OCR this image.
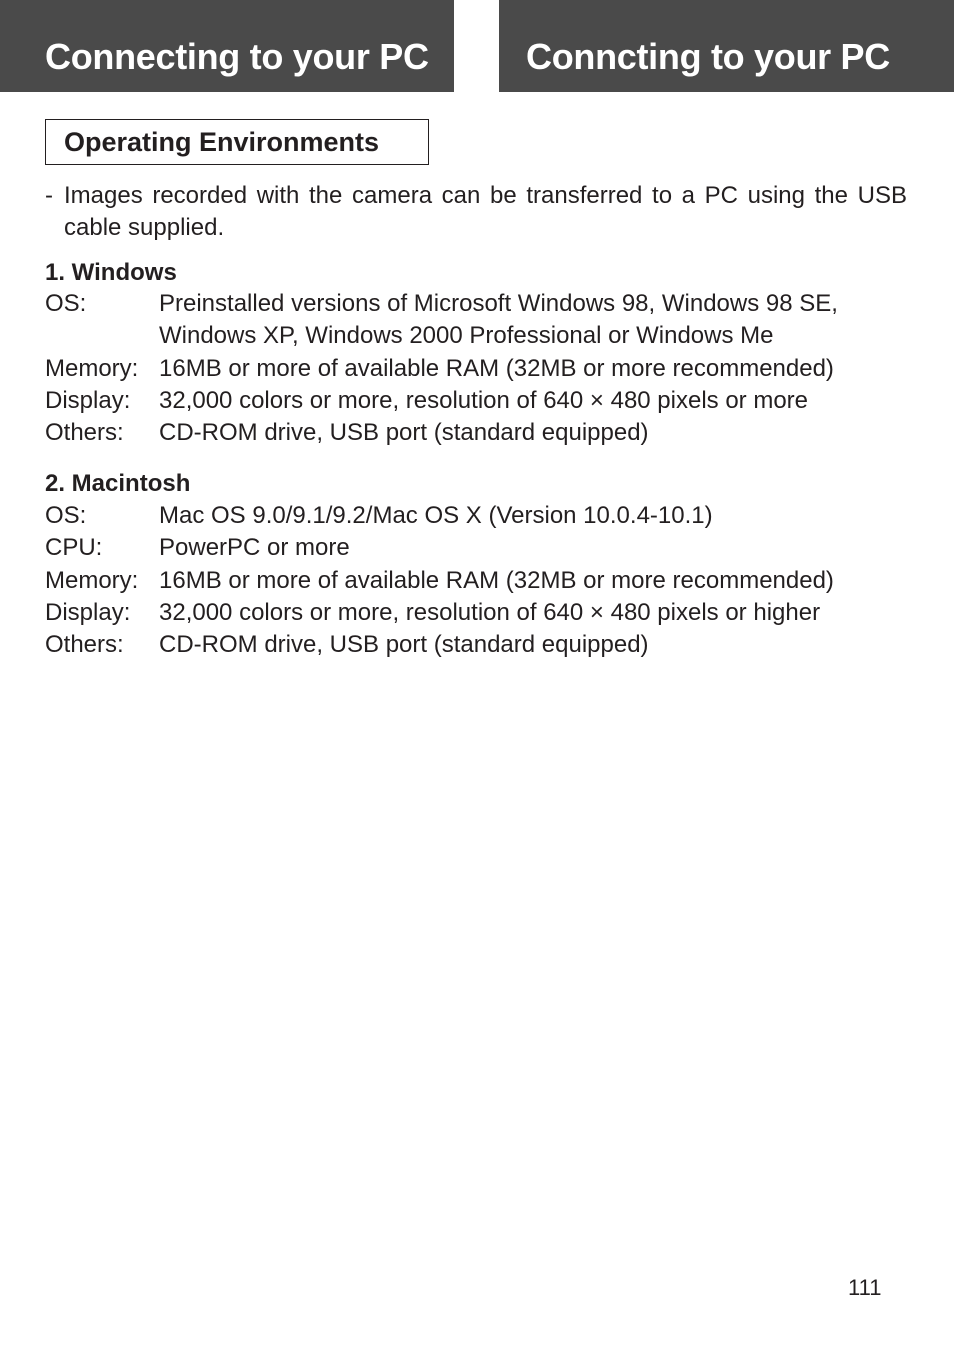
Connecting to your PC	Conncting to your PC
Operating Environments
- Images recorded with the camera can be transferred to a PC using the USB cable supplied.
1. Windows
OS:	Preinstalled versions of Microsoft Windows 98, Windows 98 SE, Windows XP, Windows 2000 Professional or Windows Me
Memory: 16MB or more of available RAM (32MB or more recommended)
Display:	32,000 colors or more, resolution of 640 × 480 pixels or more
Others:	CD-ROM drive, USB port (standard equipped)
2. Macintosh
OS:	Mac OS 9.0/9.1/9.2/Mac OS X (Version 10.0.4-10.1)
CPU:	PowerPC or more
Memory: 16MB or more of available RAM (32MB or more recommended)
Display:	32,000 colors or more, resolution of 640 × 480 pixels or higher
Others:	CD-ROM drive, USB port (standard equipped)
111
